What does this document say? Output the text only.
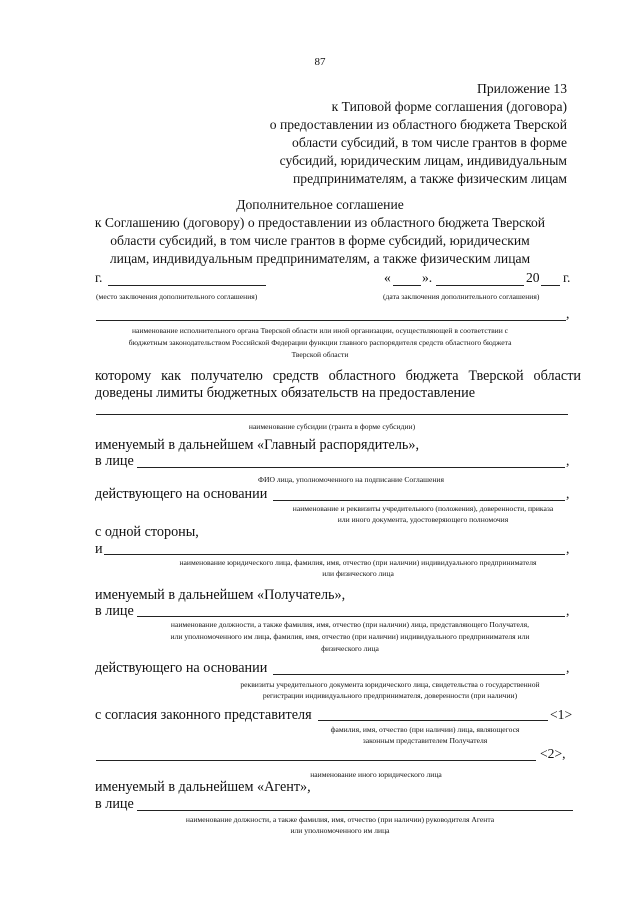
87
Приложение 13
к Типовой форме соглашения (договора)
о предоставлении из областного бюджета Тверской
области субсидий, в том числе грантов в форме
субсидий, юридическим лицам, индивидуальным
предпринимателям, а также физическим лицам
Дополнительное соглашение
к Соглашению (договору) о предоставлении из областного бюджета Тверской
области субсидий, в том числе грантов в форме субсидий, юридическим
лицам, индивидуальным предпринимателям, а также физическим лицам
г.	« ».	20 г.
(место заключения дополнительного соглашения)	(дата заключения дополнительного соглашения)
,
наименование исполнительного органа Тверской области или иной организации, осуществляющей в соответствии с
бюджетным законодательством Российской Федерации функции главного распорядителя средств областного бюджета
Тверской области
которому как получателю средств областного бюджета Тверской области
доведены лимиты бюджетных обязательств на предоставление
наименование субсидии (гранта в форме субсидии)
именуемый в дальнейшем «Главный распорядитель»,
в лице	,
ФИО лица, уполномоченного на подписание Соглашения
действующего на основании	,
наименование и реквизиты учредительного (положения), доверенности, приказа
или иного документа, удостоверяющего полномочия
с одной стороны,
и	,
наименование юридического лица, фамилия, имя, отчество (при наличии) индивидуального предпринимателя
или физического лица
именуемый в дальнейшем «Получатель»,
в лице	,
наименование должности, а также фамилия, имя, отчество (при наличии) лица, представляющего Получателя,
или уполномоченного им лица, фамилия, имя, отчество (при наличии) индивидуального предпринимателя или
физического лица
действующего на основании	,
реквизиты учредительного документа юридического лица, свидетельства о государственной
регистрации индивидуального предпринимателя, доверенности (при наличии)
с согласия законного представителя	<1>
фамилия, имя, отчество (при наличии) лица, являющегося
законным представителем Получателя
<2>,
наименование иного юридического лица
именуемый в дальнейшем «Агент»,
в лице
наименование должности, а также фамилия, имя, отчество (при наличии) руководителя Агента
или уполномоченного им лица
